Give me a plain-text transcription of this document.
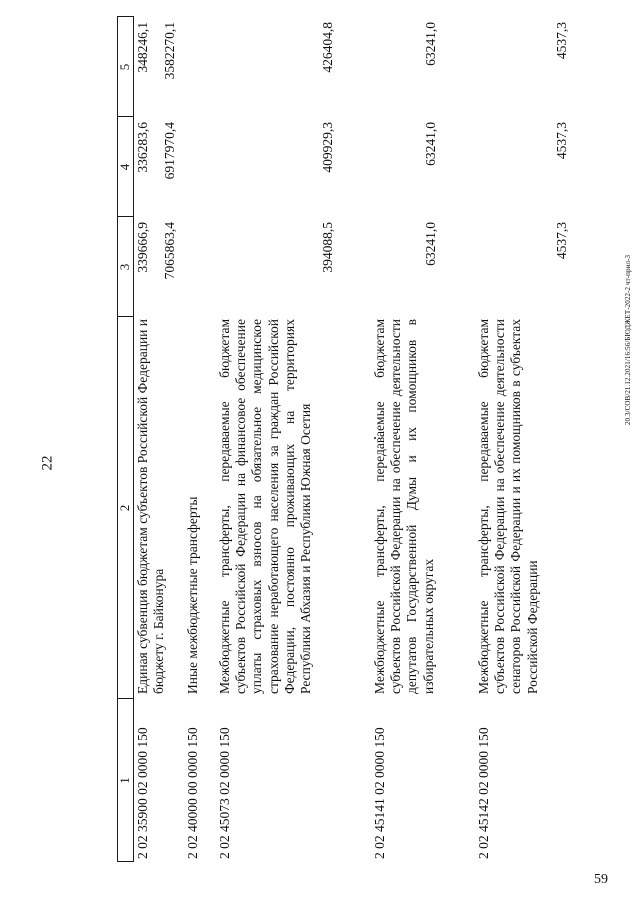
22
20.3/СОВ/21.12.2021/16:56/БЮДЖЕТ-2022-2 чт-прил-3
59
1
2
3
4
5
2 02 35900 02 0000 150
Единая субвенция бюджетам субъектов Российской Федерации и бюджету г. Байконура
339666,9
336283,6
348246,1
2 02 40000 00 0000 150
Иные межбюджетные трансферты
7065863,4
6917970,4
3582270,1
2 02 45073 02 0000 150
Межбюджетные трансферты, передаваемые бюджетам субъектов Российской Федерации на финансовое обеспечение уплаты страховых взносов на обязательное медицинское страхование неработающего населения за граждан Российской Федерации, постоянно проживающих на территориях Республики Абхазия и Республики Южная Осетия
394088,5
409929,3
426404,8
2 02 45141 02 0000 150
Межбюджетные трансферты, передаваемые бюджетам субъектов Российской Федерации на обеспечение деятельности депутатов Государственной Думы и их помощников в избирательных округах
63241,0
63241,0
63241,0
2 02 45142 02 0000 150
Межбюджетные трансферты, передаваемые бюджетам субъектов Российской Федерации на обеспечение деятельности сенаторов Российской Федерации и их помощников в субъектах Российской Федерации
4537,3
4537,3
4537,3
